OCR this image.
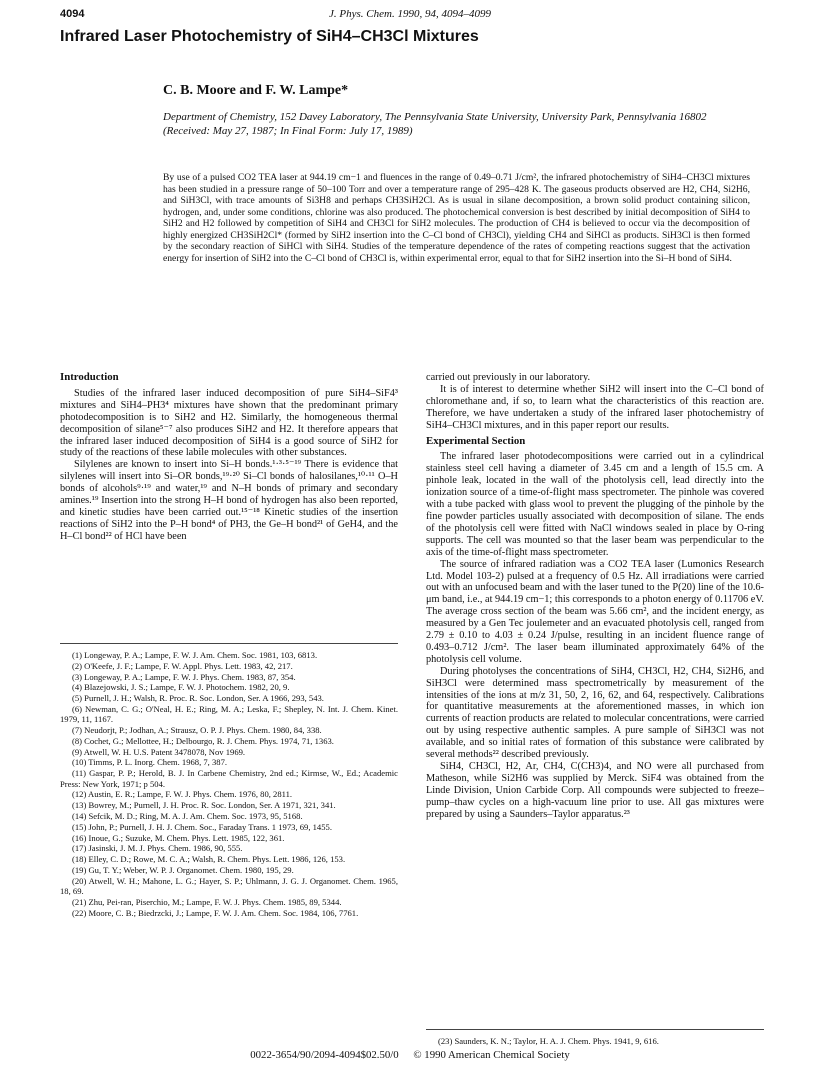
4094	J. Phys. Chem. 1990, 94, 4094–4099
Infrared Laser Photochemistry of SiH4–CH3Cl Mixtures
C. B. Moore and F. W. Lampe*
Department of Chemistry, 152 Davey Laboratory, The Pennsylvania State University, University Park, Pennsylvania 16802 (Received: May 27, 1987; In Final Form: July 17, 1989)
By use of a pulsed CO2 TEA laser at 944.19 cm−1 and fluences in the range of 0.49–0.71 J/cm², the infrared photochemistry of SiH4–CH3Cl mixtures has been studied in a pressure range of 50–100 Torr and over a temperature range of 295–428 K. The gaseous products observed are H2, CH4, Si2H6, and SiH3Cl, with trace amounts of Si3H8 and perhaps CH3SiH2Cl. As is usual in silane decomposition, a brown solid product containing silicon, hydrogen, and, under some conditions, chlorine was also produced. The photochemical conversion is best described by initial decomposition of SiH4 to SiH2 and H2 followed by competition of SiH4 and CH3Cl for SiH2 molecules. The production of CH4 is believed to occur via the decomposition of highly energized CH3SiH2Cl* (formed by SiH2 insertion into the C–Cl bond of CH3Cl), yielding CH4 and SiHCl as products. SiH3Cl is then formed by the secondary reaction of SiHCl with SiH4. Studies of the temperature dependence of the rates of competing reactions suggest that the activation energy for insertion of SiH2 into the C–Cl bond of CH3Cl is, within experimental error, equal to that for SiH2 insertion into the Si–H bond of SiH4.
Introduction

Studies of the infrared laser induced decomposition of pure SiH4–SiF4³ mixtures and SiH4–PH3⁴ mixtures have shown that the predominant primary photodecomposition is to SiH2 and H2. Similarly, the homogeneous thermal decomposition of silane⁵⁻⁷ also produces SiH2 and H2. It therefore appears that the infrared laser induced decomposition of SiH4 is a good source of SiH2 for study of the reactions of these labile molecules with other substances.

Silylenes are known to insert into Si–H bonds.¹·³·⁵⁻¹⁹ There is evidence that silylenes will insert into Si–OR bonds,¹⁹·²⁰ Si–Cl bonds of halosilanes,¹⁰·¹¹ O–H bonds of alcohols⁹·¹⁹ and water,¹⁹ and N–H bonds of primary and secondary amines.¹⁹ Insertion into the strong H–H bond of hydrogen has also been reported, and kinetic studies have been carried out.¹⁵⁻¹⁸ Kinetic studies of the insertion reactions of SiH2 into the P–H bond⁴ of PH3, the Ge–H bond²¹ of GeH4, and the H–Cl bond²² of HCl have been

(1) Longeway, P. A.; Lampe, F. W. J. Am. Chem. Soc. 1981, 103, 6813.

(2) O'Keefe, J. F.; Lampe, F. W. Appl. Phys. Lett. 1983, 42, 217.

(3) Longeway, P. A.; Lampe, F. W. J. Phys. Chem. 1983, 87, 354.

(4) Blazejowski, J. S.; Lampe, F. W. J. Photochem. 1982, 20, 9.

(5) Purnell, J. H.; Walsh, R. Proc. R. Soc. London, Ser. A 1966, 293, 543.

(6) Newman, C. G.; O'Neal, H. E.; Ring, M. A.; Leska, F.; Shepley, N. Int. J. Chem. Kinet. 1979, 11, 1167.

(7) Neudorjt, P.; Jodhan, A.; Strausz, O. P. J. Phys. Chem. 1980, 84, 338.

(8) Cochet, G.; Mellottee, H.; Delbourgo, R. J. Chem. Phys. 1974, 71, 1363.

(9) Atwell, W. H. U.S. Patent 3478078, Nov 1969.

(10) Timms, P. L. Inorg. Chem. 1968, 7, 387.

(11) Gaspar, P. P.; Herold, B. J. In Carbene Chemistry, 2nd ed.; Kirmse, W., Ed.; Academic Press: New York, 1971; p 504.

(12) Austin, E. R.; Lampe, F. W. J. Phys. Chem. 1976, 80, 2811.

(13) Bowrey, M.; Purnell, J. H. Proc. R. Soc. London, Ser. A 1971, 321, 341.

(14) Sefcik, M. D.; Ring, M. A. J. Am. Chem. Soc. 1973, 95, 5168.

(15) John, P.; Purnell, J. H. J. Chem. Soc., Faraday Trans. 1 1973, 69, 1455.

(16) Inoue, G.; Suzuke, M. Chem. Phys. Lett. 1985, 122, 361.

(17) Jasinski, J. M. J. Phys. Chem. 1986, 90, 555.

(18) Elley, C. D.; Rowe, M. C. A.; Walsh, R. Chem. Phys. Lett. 1986, 126, 153.

(19) Gu, T. Y.; Weber, W. P. J. Organomet. Chem. 1980, 195, 29.

(20) Atwell, W. H.; Mahone, L. G.; Hayer, S. P.; Uhlmann, J. G. J. Organomet. Chem. 1965, 18, 69.

(21) Zhu, Pei-ran, Piserchio, M.; Lampe, F. W. J. Phys. Chem. 1985, 89, 5344.

(22) Moore, C. B.; Biedrzcki, J.; Lampe, F. W. J. Am. Chem. Soc. 1984, 106, 7761.

carried out previously in our laboratory.

It is of interest to determine whether SiH2 will insert into the C–Cl bond of chloromethane and, if so, to learn what the characteristics of this reaction are. Therefore, we have undertaken a study of the infrared laser photochemistry of SiH4–CH3Cl mixtures, and in this paper report our results.

Experimental Section

The infrared laser photodecompositions were carried out in a cylindrical stainless steel cell having a diameter of 3.45 cm and a length of 15.5 cm. A pinhole leak, located in the wall of the photolysis cell, lead directly into the ionization source of a time-of-flight mass spectrometer. The pinhole was covered with a tube packed with glass wool to prevent the plugging of the pinhole by the fine powder particles usually associated with decomposition of silane. The ends of the photolysis cell were fitted with NaCl windows sealed in place by O-ring supports. The cell was mounted so that the laser beam was perpendicular to the axis of the time-of-flight mass spectrometer.

The source of infrared radiation was a CO2 TEA laser (Lumonics Research Ltd. Model 103-2) pulsed at a frequency of 0.5 Hz. All irradiations were carried out with an unfocused beam and with the laser tuned to the P(20) line of the 10.6-μm band, i.e., at 944.19 cm−1; this corresponds to a photon energy of 0.11706 eV. The average cross section of the beam was 5.66 cm², and the incident energy, as measured by a Gen Tec joulemeter and an evacuated photolysis cell, ranged from 2.79 ± 0.10 to 4.03 ± 0.24 J/pulse, resulting in an incident fluence range of 0.493–0.712 J/cm². The laser beam illuminated approximately 64% of the photolysis cell volume.

During photolyses the concentrations of SiH4, CH3Cl, H2, CH4, Si2H6, and SiH3Cl were determined mass spectrometrically by measurement of the intensities of the ions at m/z 31, 50, 2, 16, 62, and 64, respectively. Calibrations for quantitative measurements at the aforementioned masses, in which ion currents of reaction products are related to molecular concentrations, were carried out by using respective authentic samples. A pure sample of SiH3Cl was not available, and so initial rates of formation of this substance were calibrated by several methods²² described previously.

SiH4, CH3Cl, H2, Ar, CH4, C(CH3)4, and NO were all purchased from Matheson, while Si2H6 was supplied by Merck. SiF4 was obtained from the Linde Division, Union Carbide Corp. All compounds were subjected to freeze–pump–thaw cycles on a high-vacuum line prior to use. All gas mixtures were prepared by using a Saunders–Taylor apparatus.²³

(23) Saunders, K. N.; Taylor, H. A. J. Chem. Phys. 1941, 9, 616.

0022-3654/90/2094-4094$02.50/0 © 1990 American Chemical Society
